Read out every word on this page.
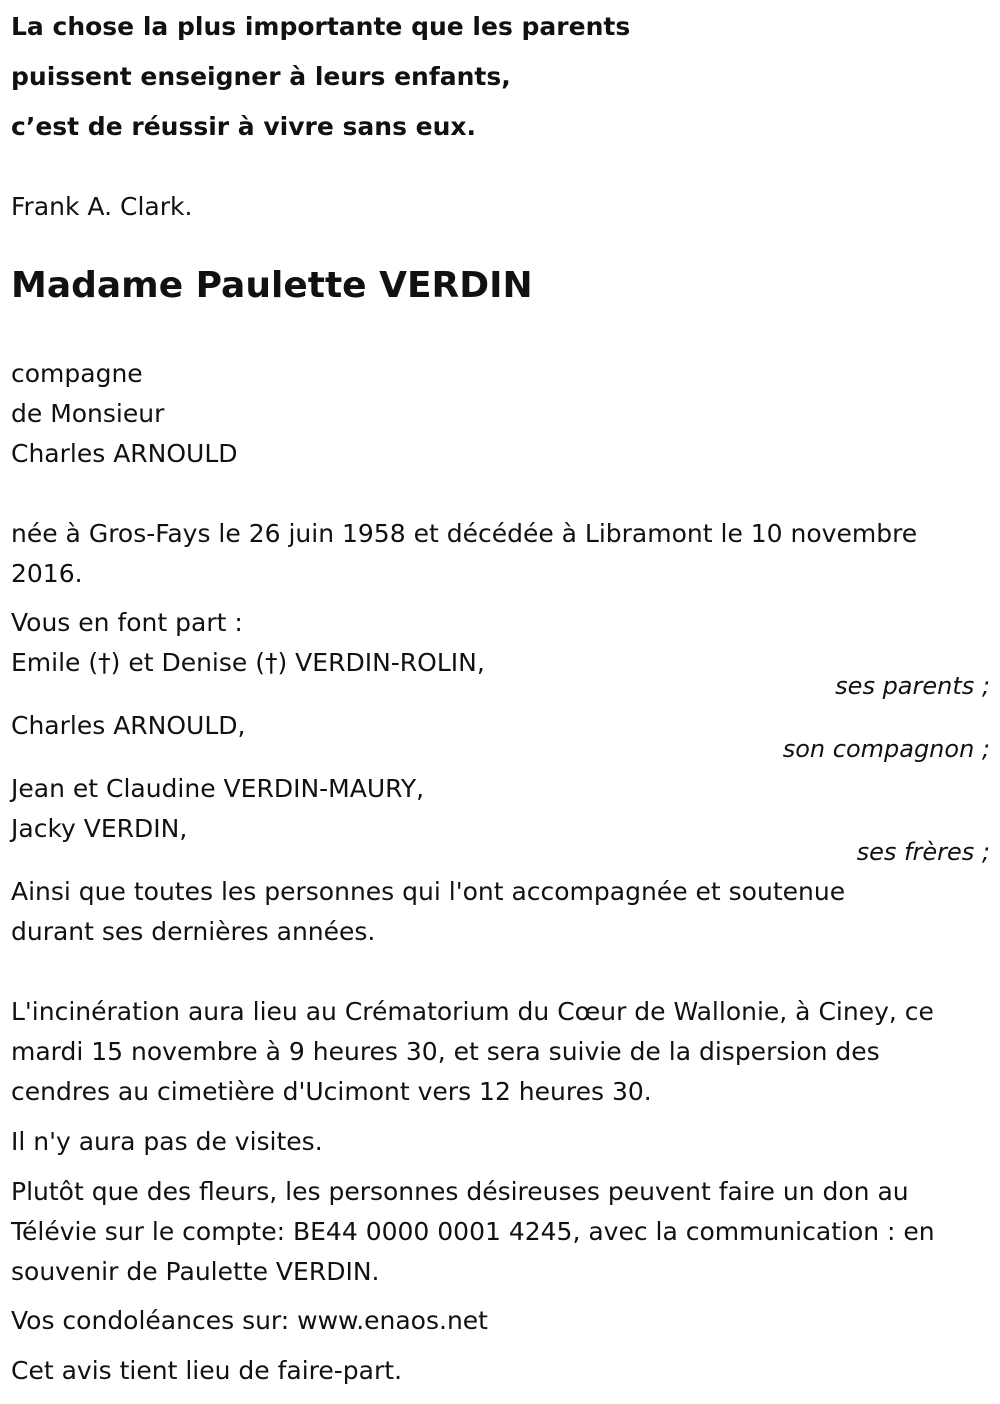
La chose la plus importante que les parents
puissent enseigner à leurs enfants,
c’est de réussir à vivre sans eux.
Frank A. Clark.
Madame Paulette VERDIN
compagne
de Monsieur
Charles ARNOULD
née à Gros-Fays le 26 juin 1958 et décédée à Libramont le 10 novembre
2016.
Vous en font part :
Emile (†) et Denise (†) VERDIN-ROLIN,
ses parents ;
Charles ARNOULD,
son compagnon ;
Jean et Claudine VERDIN-MAURY,
Jacky VERDIN,
ses frères ;
Ainsi que toutes les personnes qui l'ont accompagnée et soutenue
durant ses dernières années.
L'incinération aura lieu au Crématorium du Cœur de Wallonie, à Ciney, ce
mardi 15 novembre à 9 heures 30, et sera suivie de la dispersion des
cendres au cimetière d'Ucimont vers 12 heures 30.
Il n'y aura pas de visites.
Plutôt que des fleurs, les personnes désireuses peuvent faire un don au
Télévie sur le compte: BE44 0000 0001 4245, avec la communication : en
souvenir de Paulette VERDIN.
Vos condoléances sur: www.enaos.net
Cet avis tient lieu de faire-part.
